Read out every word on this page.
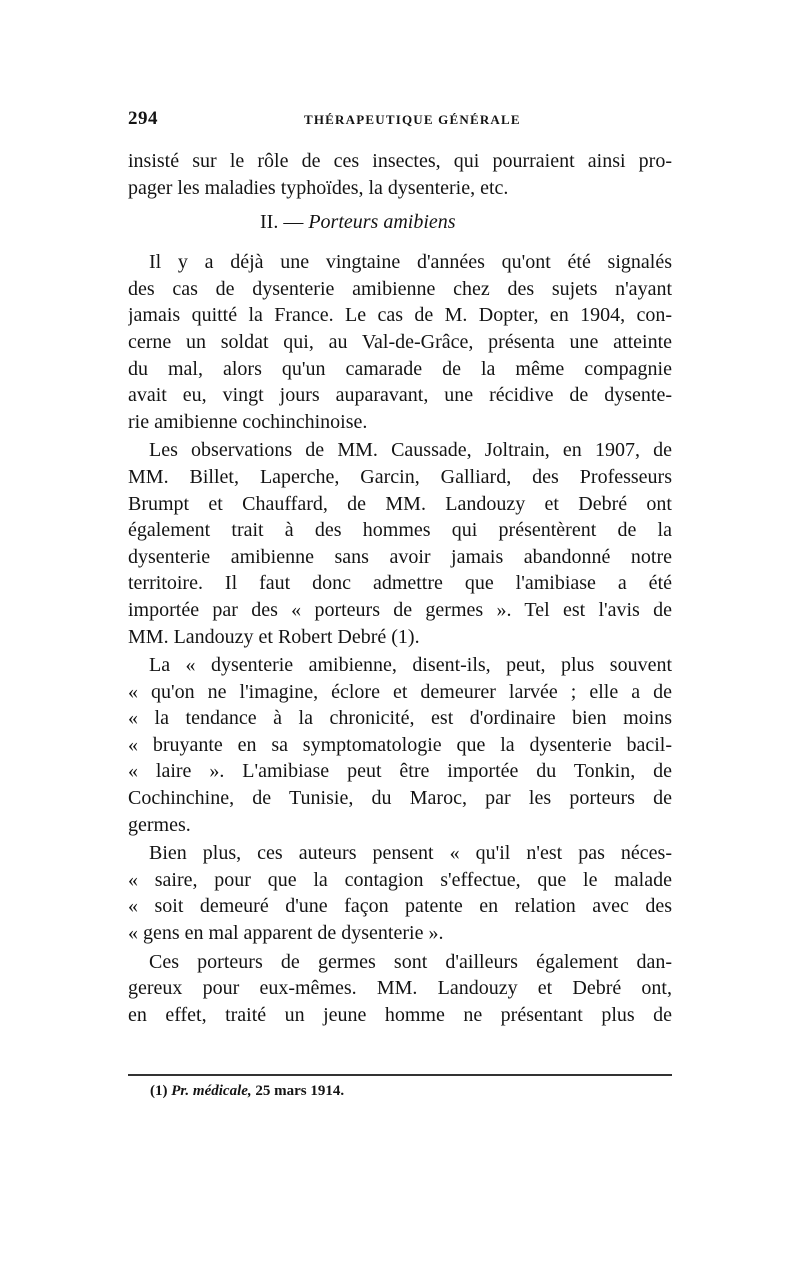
294	THÉRAPEUTIQUE GÉNÉRALE
insisté sur le rôle de ces insectes, qui pourraient ainsi pro-
pager les maladies typhoïdes, la dysenterie, etc.
II. — Porteurs amibiens
Il y a déjà une vingtaine d'années qu'ont été signalés
des cas de dysenterie amibienne chez des sujets n'ayant
jamais quitté la France. Le cas de M. Dopter, en 1904, con-
cerne un soldat qui, au Val-de-Grâce, présenta une atteinte
du mal, alors qu'un camarade de la même compagnie
avait eu, vingt jours auparavant, une récidive de dysente-
rie amibienne cochinchinoise.
Les observations de MM. Caussade, Joltrain, en 1907, de
MM. Billet, Laperche, Garcin, Galliard, des Professeurs
Brumpt et Chauffard, de MM. Landouzy et Debré ont
également trait à des hommes qui présentèrent de la
dysenterie amibienne sans avoir jamais abandonné notre
territoire. Il faut donc admettre que l'amibiase a été
importée par des « porteurs de germes ». Tel est l'avis de
MM. Landouzy et Robert Debré (1).
La « dysenterie amibienne, disent-ils, peut, plus souvent
« qu'on ne l'imagine, éclore et demeurer larvée ; elle a de
« la tendance à la chronicité, est d'ordinaire bien moins
« bruyante en sa symptomatologie que la dysenterie bacil-
« laire ». L'amibiase peut être importée du Tonkin, de
Cochinchine, de Tunisie, du Maroc, par les porteurs de
germes.
Bien plus, ces auteurs pensent « qu'il n'est pas néces-
« saire, pour que la contagion s'effectue, que le malade
« soit demeuré d'une façon patente en relation avec des
« gens en mal apparent de dysenterie ».
Ces porteurs de germes sont d'ailleurs également dan-
gereux pour eux-mêmes. MM. Landouzy et Debré ont,
en effet, traité un jeune homme ne présentant plus de
(1) Pr. médicale, 25 mars 1914.
